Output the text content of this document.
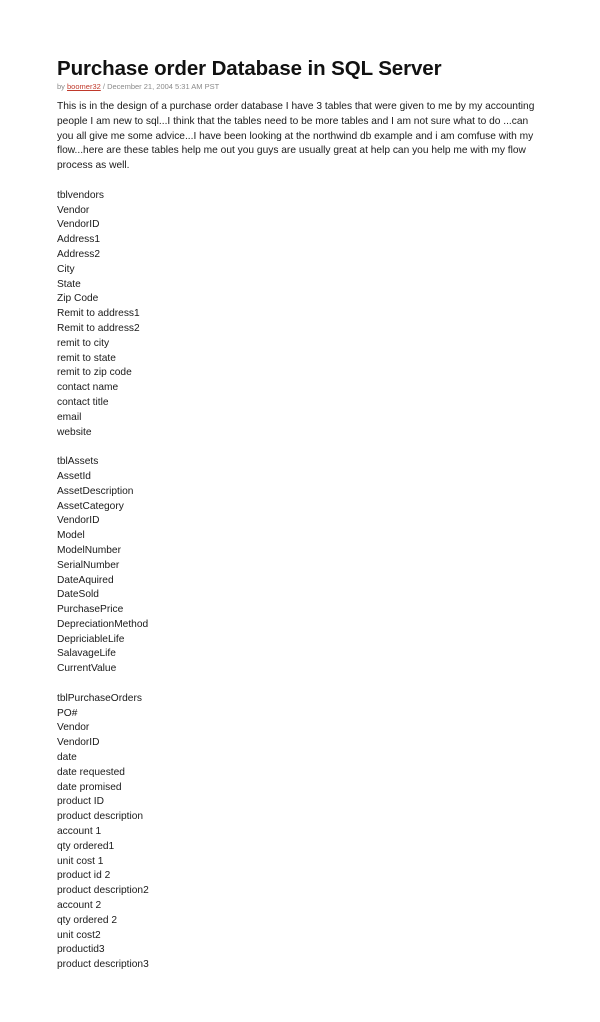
Purchase order Database in SQL Server
by boomer32 / December 21, 2004 5:31 AM PST
This is in the design of a purchase order database I have 3 tables that were given to me by my accounting people I am new to sql...I think that the tables need to be more tables and I am not sure what to do ...can you all give me some advice...I have been looking at the northwind db example and i am comfuse with my flow...here are these tables help me out you guys are usually great at help can you help me with my flow process as well.
tblvendors
Vendor
VendorID
Address1
Address2
City
State
Zip Code
Remit to address1
Remit to address2
remit to city
remit to state
remit to zip code
contact name
contact title
email
website
tblAssets
AssetId
AssetDescription
AssetCategory
VendorID
Model
ModelNumber
SerialNumber
DateAquired
DateSold
PurchasePrice
DepreciationMethod
DepriciableLife
SalavageLife
CurrentValue
tblPurchaseOrders
PO#
Vendor
VendorID
date
date requested
date promised
product ID
product description
account 1
qty ordered1
unit cost 1
product id 2
product description2
account 2
qty ordered 2
unit cost2
productid3
product description3
